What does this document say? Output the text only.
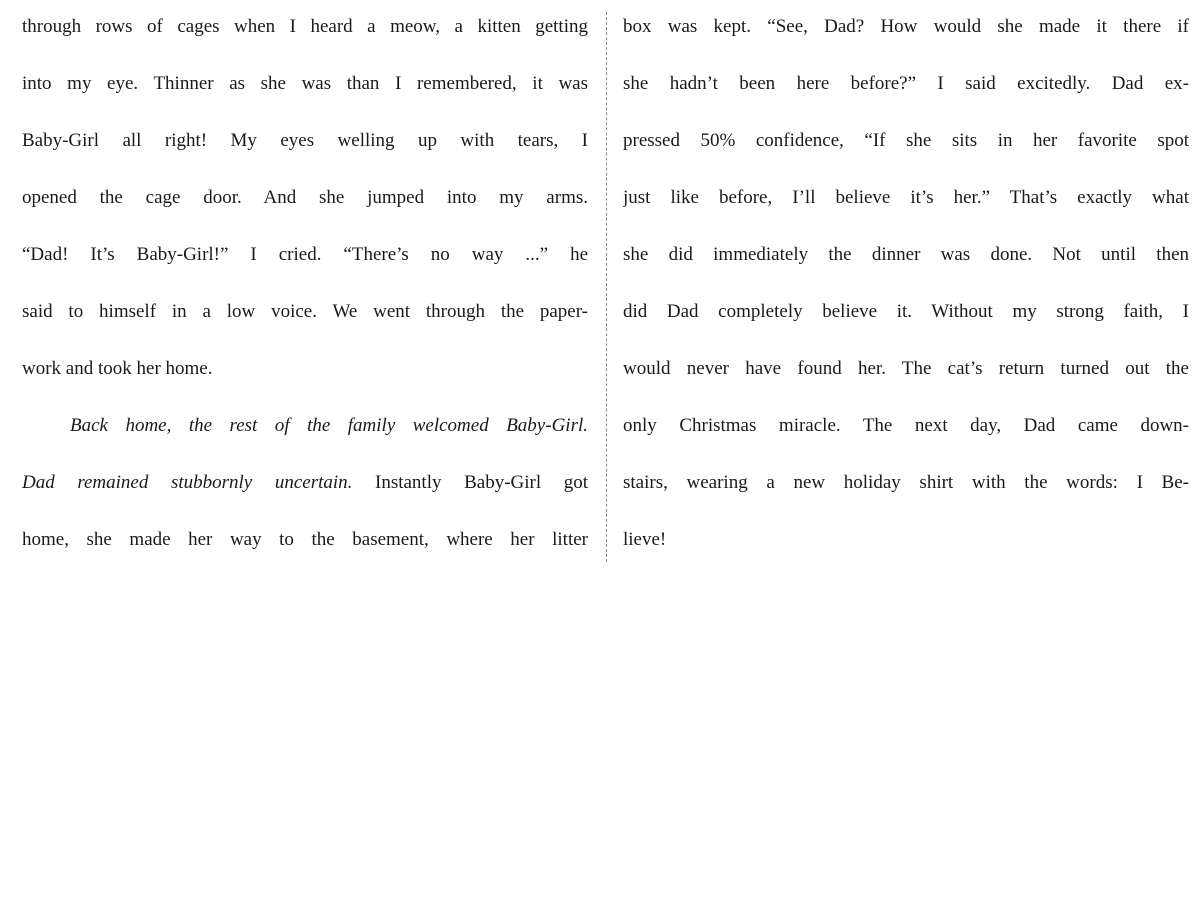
through rows of cages when I heard a meow, a kitten getting
into my eye. Thinner as she was than I remembered, it was
Baby-Girl all right! My eyes welling up with tears, I
opened the cage door. And she jumped into my arms.
“Dad! It’s Baby-Girl!” I cried. “There’s no way ...” he
said to himself in a low voice. We went through the paper-
work and took her home.
Back home, the rest of the family welcomed Baby-Girl.
Dad remained stubbornly uncertain. Instantly Baby-Girl got
home, she made her way to the basement, where her litter
box was kept. “See, Dad? How would she made it there if
she hadn’t been here before?” I said excitedly. Dad ex-
pressed 50% confidence, “If she sits in her favorite spot
just like before, I’ll believe it’s her.” That’s exactly what
she did immediately the dinner was done. Not until then
did Dad completely believe it. Without my strong faith, I
would never have found her. The cat’s return turned out the
only Christmas miracle. The next day, Dad came down-
stairs, wearing a new holiday shirt with the words: I Be-
lieve!
